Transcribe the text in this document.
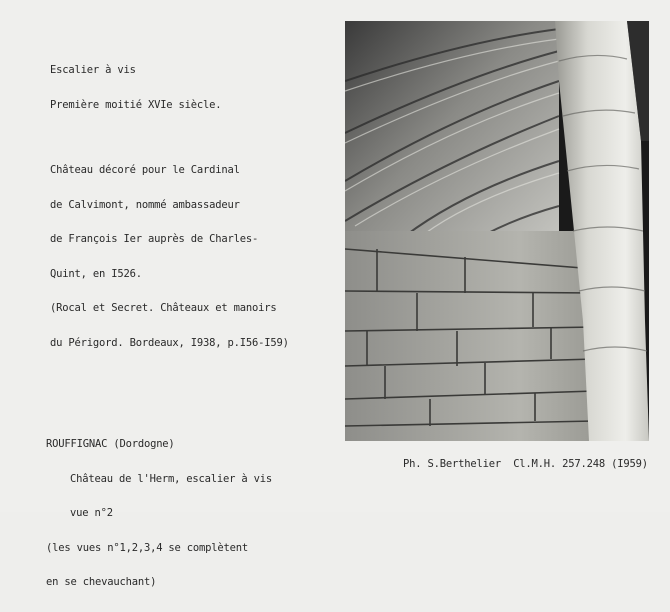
Escalier à vis

Première moitié XVIe siècle.

Château décoré pour le Cardinal

de Calvimont, nommé ambassadeur

de François Ier auprès de Charles-

Quint, en I526.

(Rocal et Secret. Châteaux et manoirs

du Périgord. Bordeaux, I938, p.I56-I59)

ROUFFIGNAC (Dordogne)

Château de l'Herm, escalier à vis

vue n°2

(les vues n°1,2,3,4 se complètent

en se chevauchant)

Ph. S.Berthelier  Cl.M.H. 257.248 (I959)
